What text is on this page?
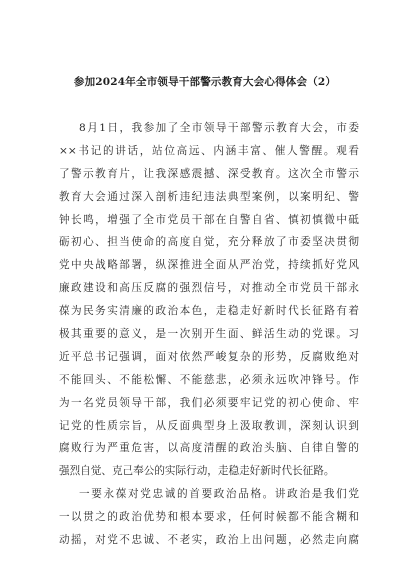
参加2024年全市领导干部警示教育大会心得体会（2）
8月1日，我参加了全市领导干部警示教育大会，市委
××书记的讲话，站位高远、内涵丰富、催人警醒。观看
了警示教育片，让我深感震撼、深受教育。这次全市警示
教育大会通过深入剖析违纪违法典型案例，以案明纪、警
钟长鸣，增强了全市党员干部在自警自省、慎初慎微中砥
砺初心、担当使命的高度自觉，充分释放了市委坚决贯彻
党中央战略部署，纵深推进全面从严治党，持续抓好党风
廉政建设和高压反腐的强烈信号，对推动全市党员干部永
葆为民务实清廉的政治本色，走稳走好新时代长征路有着
极其重要的意义，是一次别开生面、鲜活生动的党课。习
近平总书记强调，面对依然严峻复杂的形势，反腐败绝对
不能回头、不能松懈、不能慈悲，必须永远吹冲锋号。作
为一名党员领导干部，我们必须要牢记党的初心使命、牢
记党的性质宗旨，从反面典型身上汲取教训，深刻认识到
腐败行为严重危害，以高度清醒的政治头脑、自律自警的
强烈自觉、克己奉公的实际行动，走稳走好新时代长征路。
一要永葆对党忠诚的首要政治品格。讲政治是我们党
一以贯之的政治优势和根本要求，任何时候都不能含糊和
动摇，对党不忠诚、不老实，政治上出问题，必然走向腐
